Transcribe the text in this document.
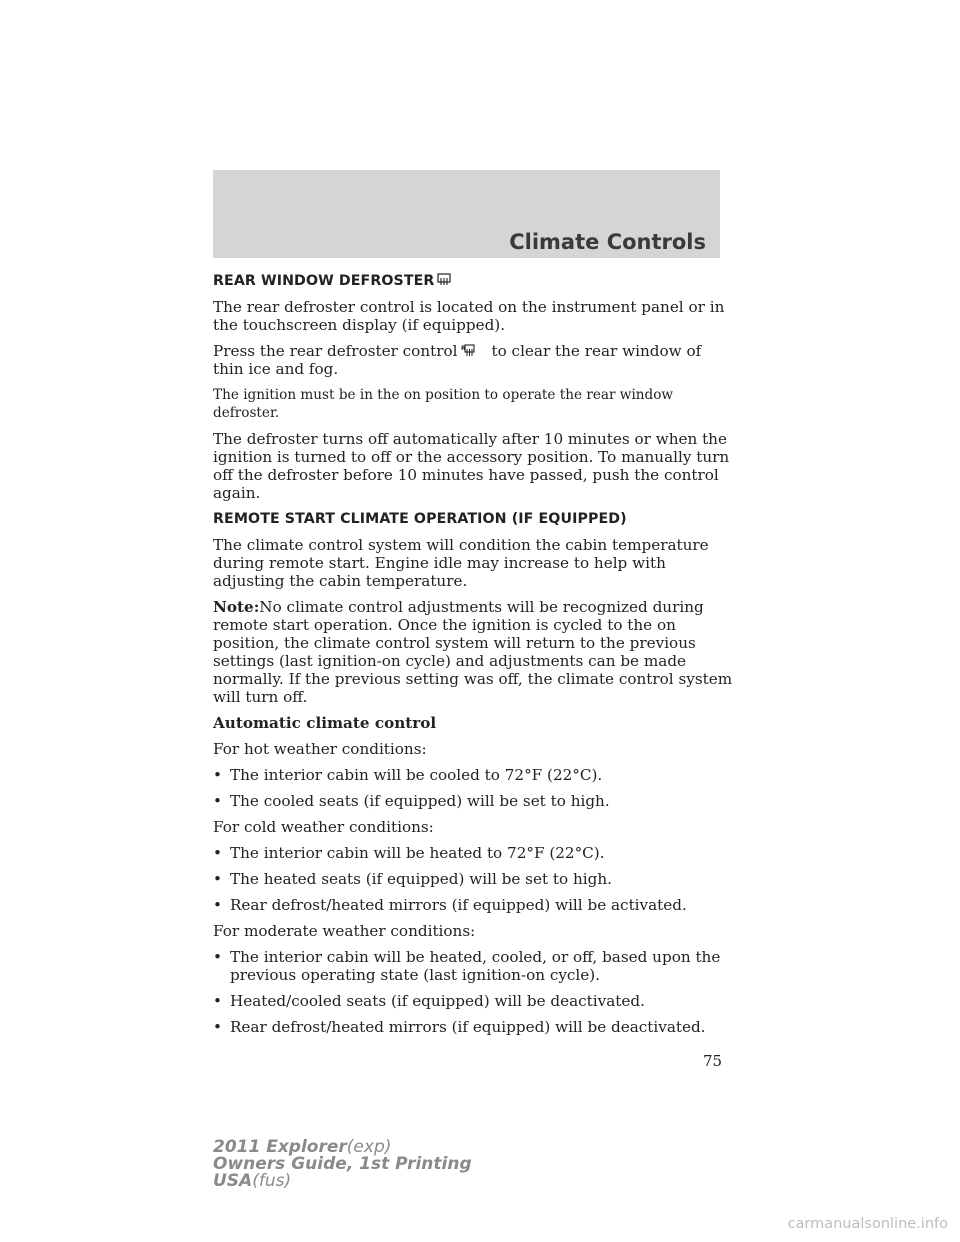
Climate Controls
REAR WINDOW DEFROSTER

The rear defroster control is located on the instrument panel or in the touchscreen display (if equipped).

Press the rear defroster control R to clear the rear window of thin ice and fog.

The ignition must be in the on position to operate the rear window defroster.

The defroster turns off automatically after 10 minutes or when the ignition is turned to off or the accessory position. To manually turn off the defroster before 10 minutes have passed, push the control again.

REMOTE START CLIMATE OPERATION (IF EQUIPPED)

The climate control system will condition the cabin temperature during remote start. Engine idle may increase to help with adjusting the cabin temperature.

Note:No climate control adjustments will be recognized during remote start operation. Once the ignition is cycled to the on position, the climate control system will return to the previous settings (last ignition-on cycle) and adjustments can be made normally. If the previous setting was off, the climate control system will turn off.

Automatic climate control

For hot weather conditions:

• The interior cabin will be cooled to 72°F (22°C).
• The cooled seats (if equipped) will be set to high.

For cold weather conditions:

• The interior cabin will be heated to 72°F (22°C).
• The heated seats (if equipped) will be set to high.
• Rear defrost/heated mirrors (if equipped) will be activated.

For moderate weather conditions:

• The interior cabin will be heated, cooled, or off, based upon the previous operating state (last ignition-on cycle).
• Heated/cooled seats (if equipped) will be deactivated.
• Rear defrost/heated mirrors (if equipped) will be deactivated.
75
2011 Explorer(exp)
Owners Guide, 1st Printing
USA(fus)
carmanualsonline.info
